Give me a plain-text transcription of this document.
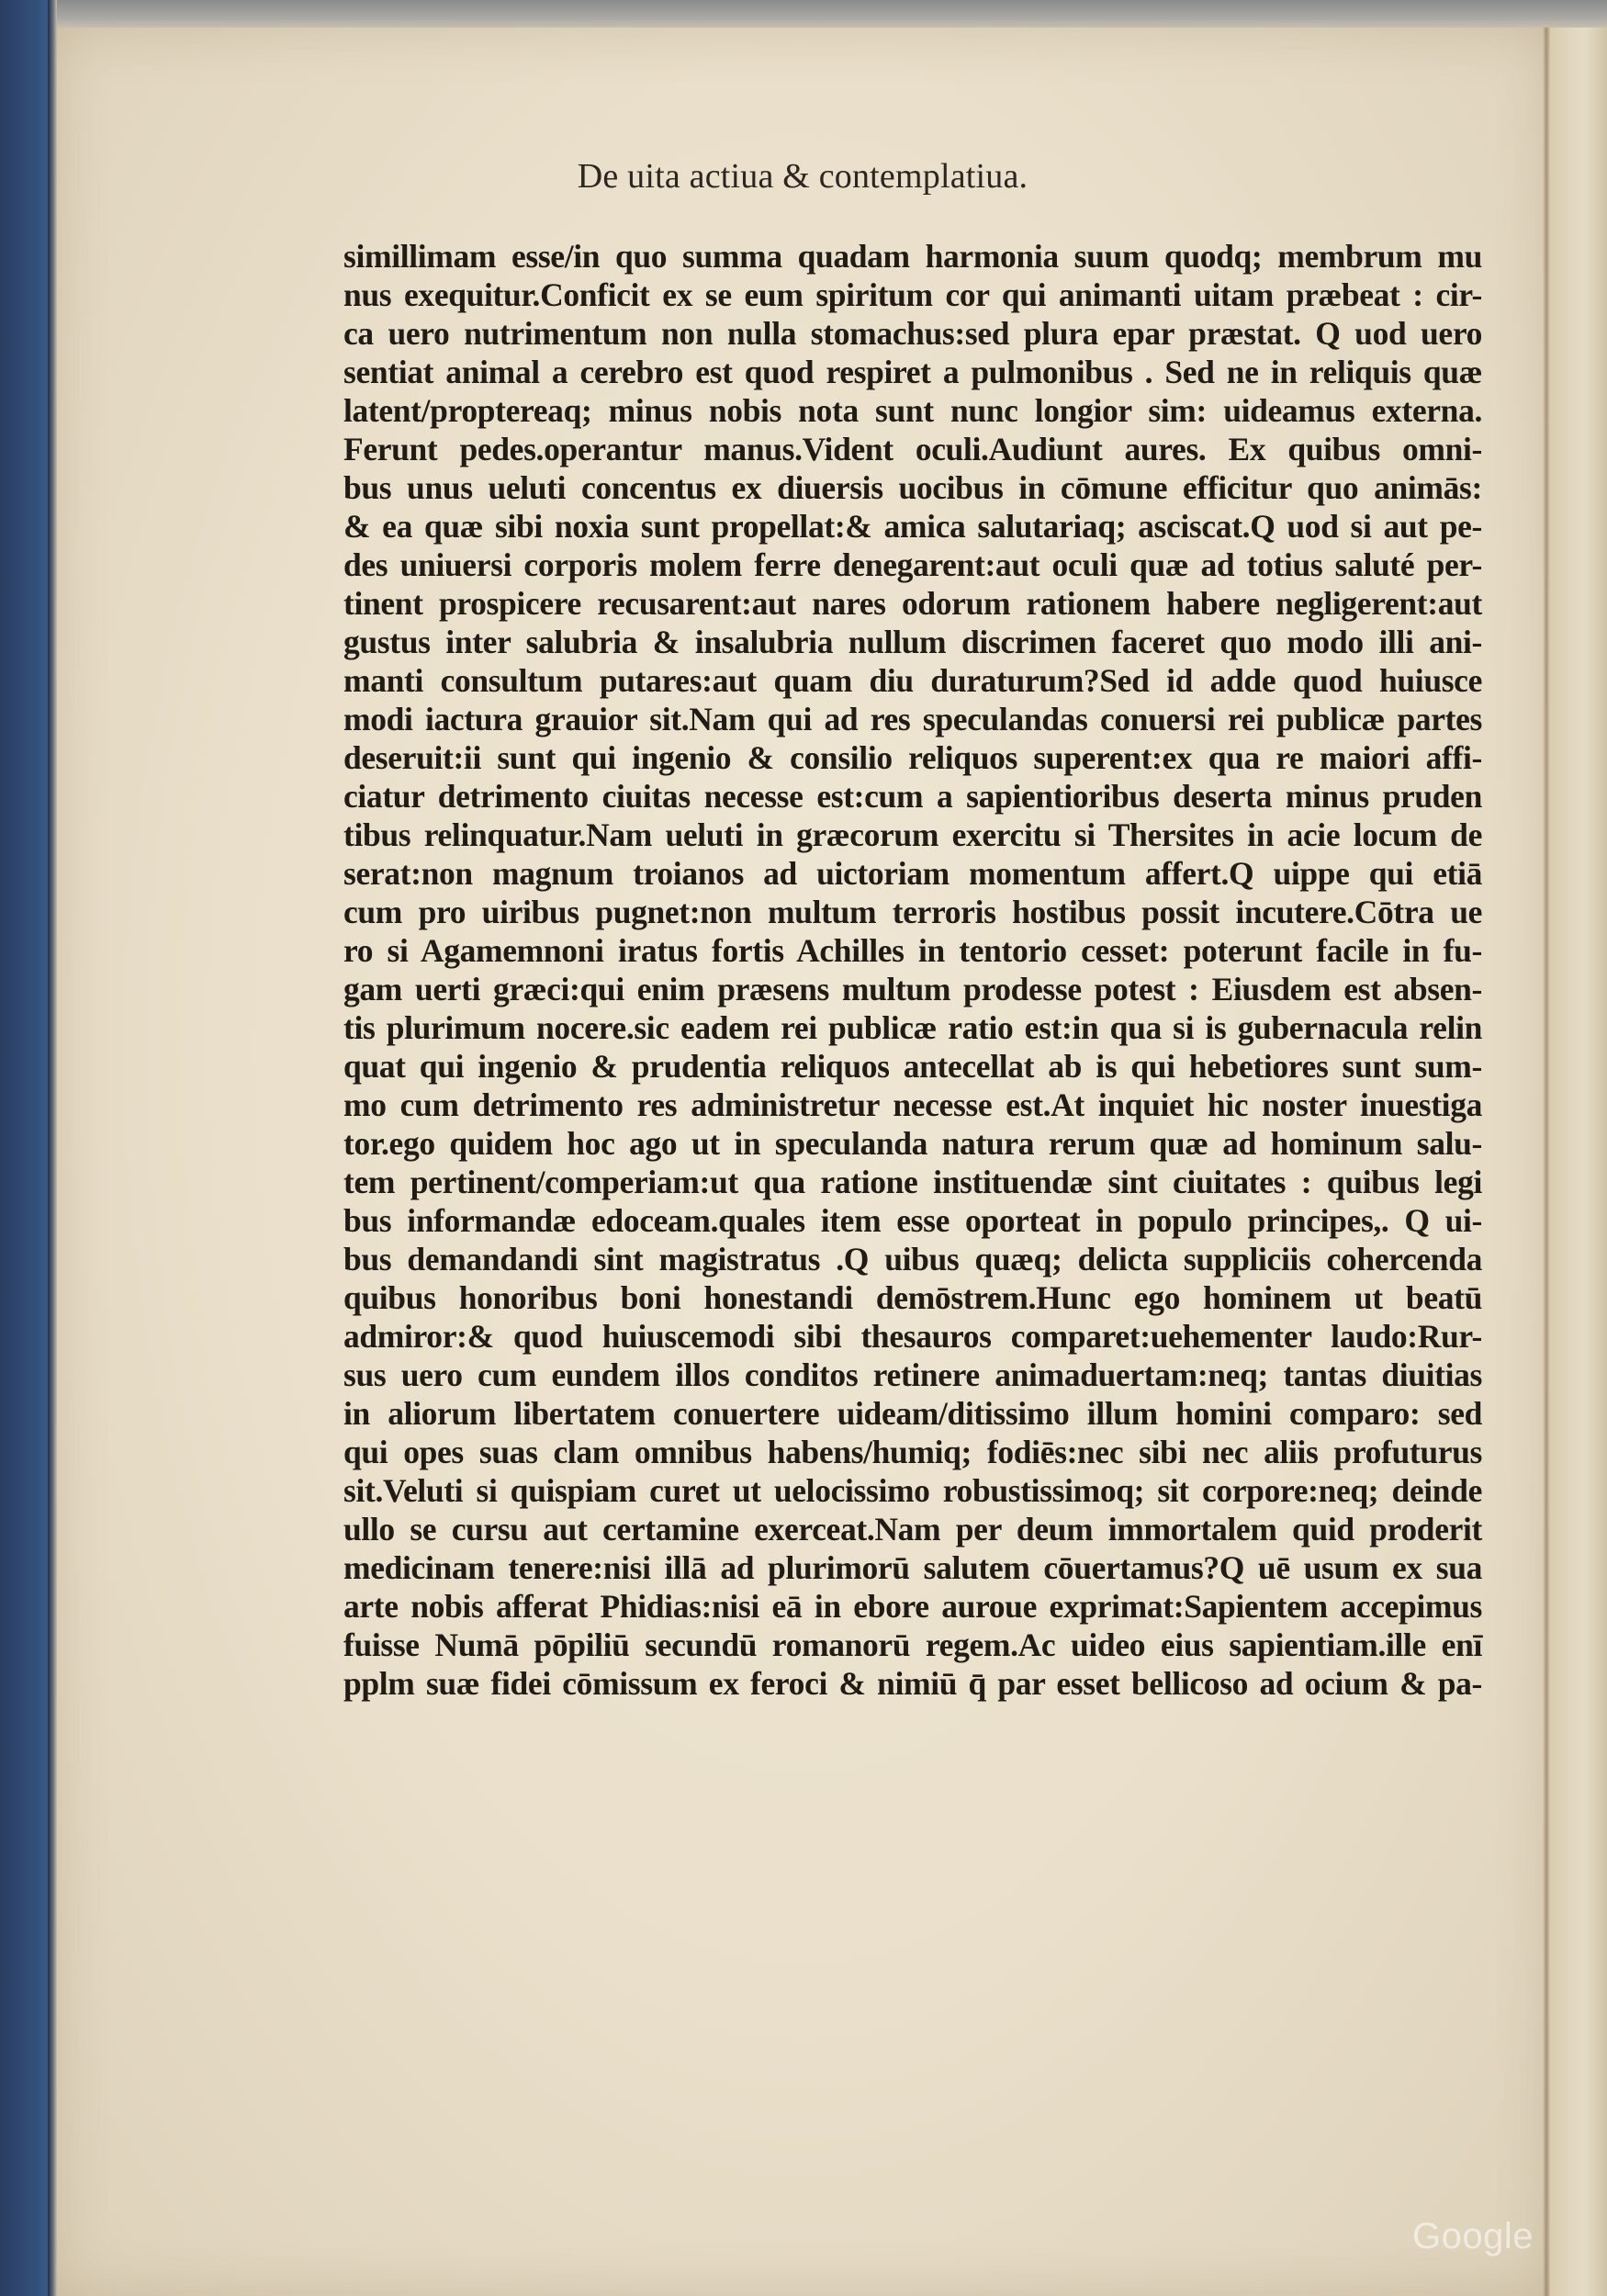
De uita actiua & contemplatiua.
simillimam esse/in quo summa quadam harmonia suum quodq; membrum mu
nus exequitur.Conficit ex se eum spiritum cor qui animanti uitam præbeat : cir-
ca uero nutrimentum non nulla stomachus:sed plura epar præstat. Q uod uero
sentiat animal a cerebro est quod respiret a pulmonibus . Sed ne in reliquis quæ
latent/proptereaq; minus nobis nota sunt nunc longior sim: uideamus externa.
Ferunt pedes.operantur manus.Vident oculi.Audiunt aures. Ex quibus omni-
bus unus ueluti concentus ex diuersis uocibus in cōmune efficitur quo animās:
& ea quæ sibi noxia sunt propellat:& amica salutariaq; asciscat.Q uod si aut pe-
des uniuersi corporis molem ferre denegarent:aut oculi quæ ad totius saluté per-
tinent prospicere recusarent:aut nares odorum rationem habere negligerent:aut
gustus inter salubria & insalubria nullum discrimen faceret quo modo illi ani-
manti consultum putares:aut quam diu duraturum?Sed id adde quod huiusce
modi iactura grauior sit.Nam qui ad res speculandas conuersi rei publicæ partes
deseruit:ii sunt qui ingenio & consilio reliquos superent:ex qua re maiori affi-
ciatur detrimento ciuitas necesse est:cum a sapientioribus deserta minus pruden
tibus relinquatur.Nam ueluti in græcorum exercitu si Thersites in acie locum de
serat:non magnum troianos ad uictoriam momentum affert.Q uippe qui etiā
cum pro uiribus pugnet:non multum terroris hostibus possit incutere.Cōtra ue
ro si Agamemnoni iratus fortis Achilles in tentorio cesset: poterunt facile in fu-
gam uerti græci:qui enim præsens multum prodesse potest : Eiusdem est absen-
tis plurimum nocere.sic eadem rei publicæ ratio est:in qua si is gubernacula relin
quat qui ingenio & prudentia reliquos antecellat ab is qui hebetiores sunt sum-
mo cum detrimento res administretur necesse est.At inquiet hic noster inuestiga
tor.ego quidem hoc ago ut in speculanda natura rerum quæ ad hominum salu-
tem pertinent/comperiam:ut qua ratione instituendæ sint ciuitates : quibus legi
bus informandæ edoceam.quales item esse oporteat in populo principes,. Q ui-
bus demandandi sint magistratus .Q uibus quæq; delicta suppliciis cohercenda
quibus honoribus boni honestandi demōstrem.Hunc ego hominem ut beatū
admiror:& quod huiuscemodi sibi thesauros comparet:uehementer laudo:Rur-
sus uero cum eundem illos conditos retinere animaduertam:neq; tantas diuitias
in aliorum libertatem conuertere uideam/ditissimo illum homini comparo: sed
qui opes suas clam omnibus habens/humiq; fodiēs:nec sibi nec aliis profuturus
sit.Veluti si quispiam curet ut uelocissimo robustissimoq; sit corpore:neq; deinde
ullo se cursu aut certamine exerceat.Nam per deum immortalem quid proderit
medicinam tenere:nisi illā ad plurimorū salutem cōuertamus?Q uē usum ex sua
arte nobis afferat Phidias:nisi eā in ebore auroue exprimat:Sapientem accepimus
fuisse Numā pōpiliū secundū romanorū regem.Ac uideo eius sapientiam.ille enī
pplm suæ fidei cōmissum ex feroci & nimiū q̄ par esset bellicoso ad ocium & pa-
Google
